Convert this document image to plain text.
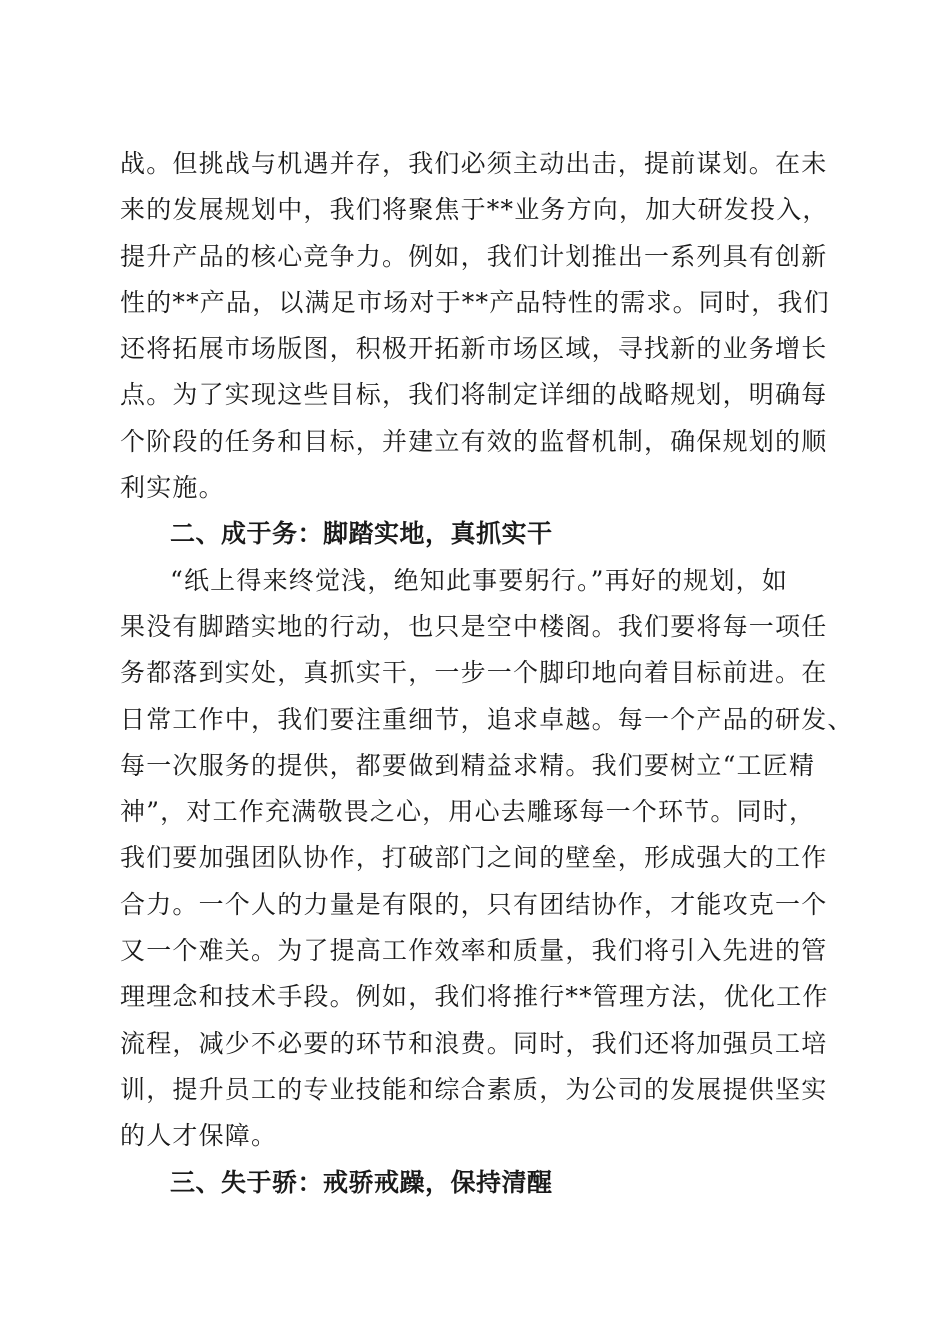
战。但挑战与机遇并存，我们必须主动出击，提前谋划。在未
来的发展规划中，我们将聚焦于**业务方向，加大研发投入，
提升产品的核心竞争力。例如，我们计划推出一系列具有创新
性的**产品，以满足市场对于**产品特性的需求。同时，我们
还将拓展市场版图，积极开拓新市场区域，寻找新的业务增长
点。为了实现这些目标，我们将制定详细的战略规划，明确每
个阶段的任务和目标，并建立有效的监督机制，确保规划的顺
利实施。
二、成于务：脚踏实地，真抓实干
“纸上得来终觉浅，绝知此事要躬行。”再好的规划，如
果没有脚踏实地的行动，也只是空中楼阁。我们要将每一项任
务都落到实处，真抓实干，一步一个脚印地向着目标前进。在
日常工作中，我们要注重细节，追求卓越。每一个产品的研发、
每一次服务的提供，都要做到精益求精。我们要树立“工匠精
神”，对工作充满敬畏之心，用心去雕琢每一个环节。同时，
我们要加强团队协作，打破部门之间的壁垒，形成强大的工作
合力。一个人的力量是有限的，只有团结协作，才能攻克一个
又一个难关。为了提高工作效率和质量，我们将引入先进的管
理理念和技术手段。例如，我们将推行**管理方法，优化工作
流程，减少不必要的环节和浪费。同时，我们还将加强员工培
训，提升员工的专业技能和综合素质，为公司的发展提供坚实
的人才保障。
三、失于骄：戒骄戒躁，保持清醒
